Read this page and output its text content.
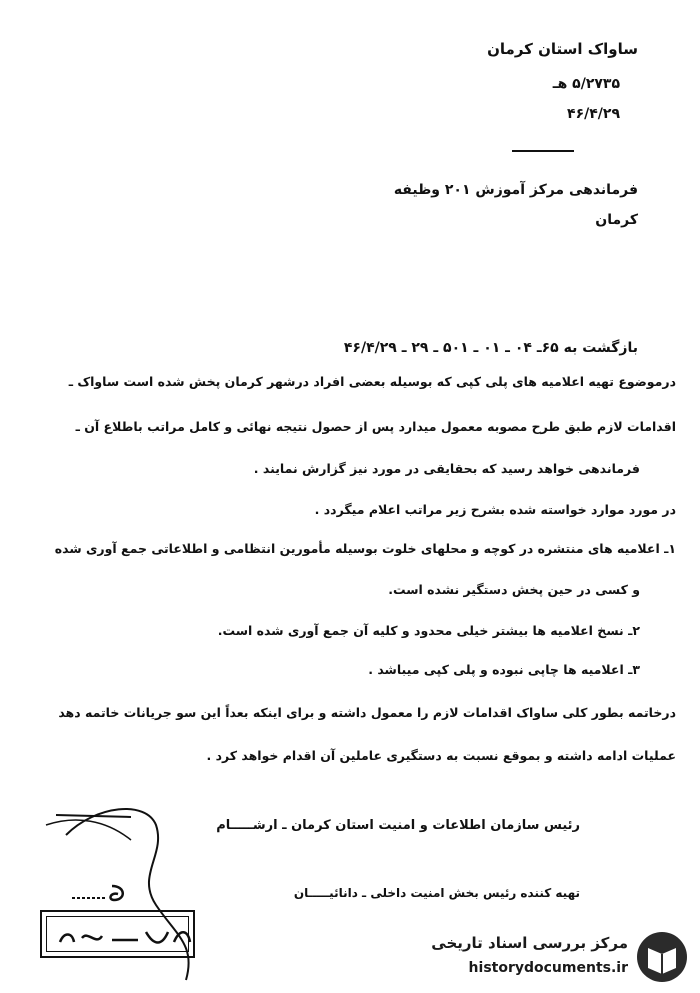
ساواک استان کرمان
۵/۲۷۳۵ هـ
۴۶/۴/۲۹
فرماندهی مرکز آموزش ۲۰۱ وظیفه
کرمان
بازگشت به ۶۵ـ ۰۴ ـ ۰۱ ـ ۵۰۱ ـ ۲۹ ـ ۴۶/۴/۲۹
درموضوع تهیه اعلامیه های پلی کپی که بوسیله بعضی افراد درشهر کرمان پخش شده است ساواک ـ
اقدامات لازم طبق طرح مصوبه معمول میدارد پس از حصول نتیجه نهائی و کامل مراتب باطلاع آن ـ
فرماندهی خواهد رسید که بحقایقی در مورد نیز گزارش نمایند .
در مورد موارد خواسته شده بشرح زیر مراتب اعلام میگردد .
۱ـ اعلامیه های منتشره در کوچه و محلهای خلوت بوسیله مأمورین انتظامی و اطلاعاتی جمع آوری شده
و کسی در حین پخش دستگیر نشده است.
۲ـ نسخ اعلامیه ها بیشتر خیلی محدود و کلیه آن جمع آوری شده است.
۳ـ اعلامیه ها چاپی نبوده و پلی کپی میباشد .
درخاتمه بطور کلی ساواک اقدامات لازم را معمول داشته و برای اینکه بعداً این سو جریانات خاتمه دهد
عملیات ادامه داشته و بموقع نسبت به دستگیری عاملین آن اقدام خواهد کرد .
رئیس سازمان اطلاعات و امنیت استان کرمان ـ ارشـــــام
تهیه کننده رئیس بخش امنیت داخلی ـ دانائیـــــان
مرکز بررسی اسناد تاریخی
historydocuments.ir
